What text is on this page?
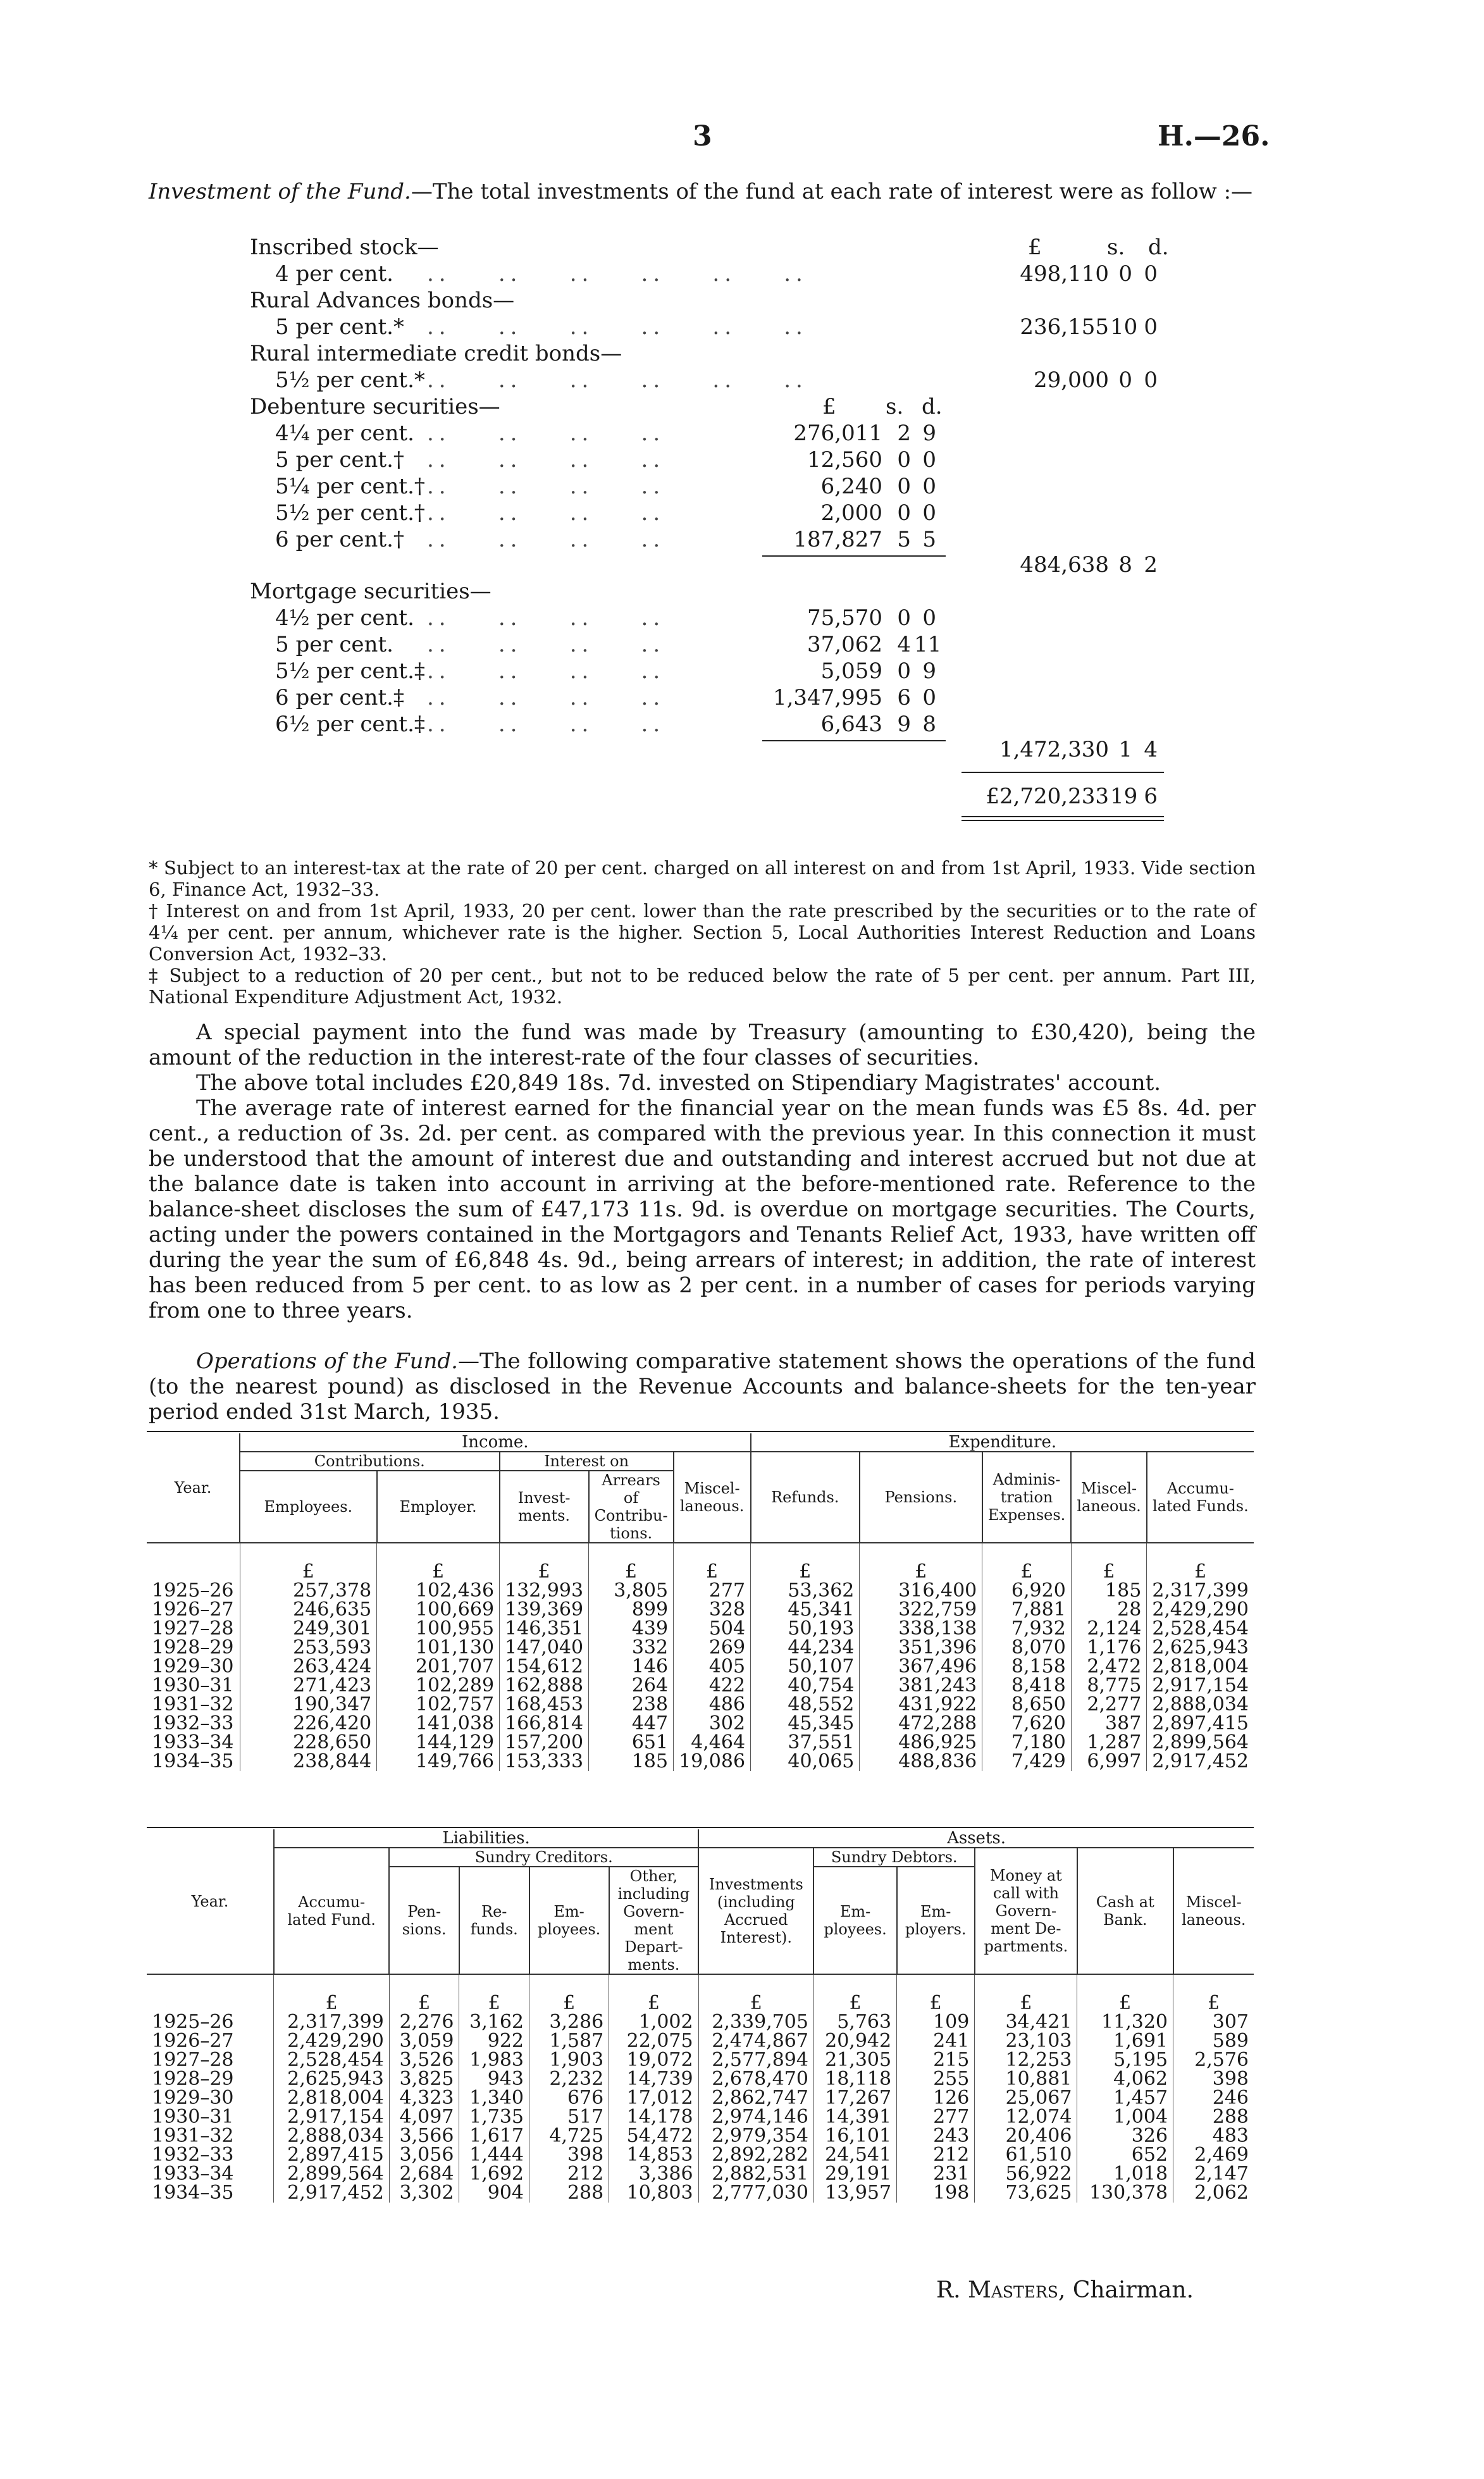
3	H.—26.
Investment of the Fund.—The total investments of the fund at each rate of interest were as follow :—
Inscribed stock—	£	s. d.
4 per cent. ..    ..    ..    ..    ..    ..	498,110 0 0
Rural Advances bonds—
5 per cent.* ..    ..    ..    ..    ..    ..	236,155 10 0
Rural intermediate credit bonds—
5½ per cent.* ..    ..    ..    ..    ..    ..	29,000 0 0
Debenture securities—	£ s. d.
4¼ per cent. ..    ..    ..    ..	276,011 2 9
5 per cent.† ..    ..    ..    ..	12,560 0 0
5¼ per cent.† ..    ..    ..    ..	6,240 0 0
5½ per cent.† ..    ..    ..    ..	2,000 0 0
6 per cent.† ..    ..    ..    ..	187,827 5 5
484,638 8 2
Mortgage securities—
4½ per cent. ..    ..    ..    ..	75,570 0 0
5 per cent. ..    ..    ..    ..	37,062 4 11
5½ per cent.‡ ..    ..    ..    ..	5,059 0 9
6 per cent.‡ ..    ..    ..    ..	1,347,995 6 0
6½ per cent.‡ ..    ..    ..    ..	6,643 9 8
1,472,330 1 4
£2,720,233 19 6
* Subject to an interest-tax at the rate of 20 per cent. charged on all interest on and from 1st April, 1933. Vide section 6, Finance Act, 1932–33.
† Interest on and from 1st April, 1933, 20 per cent. lower than the rate prescribed by the securities or to the rate of 4¼ per cent. per annum, whichever rate is the higher. Section 5, Local Authorities Interest Reduction and Loans Conversion Act, 1932–33.
‡ Subject to a reduction of 20 per cent., but not to be reduced below the rate of 5 per cent. per annum. Part III, National Expenditure Adjustment Act, 1932.
A special payment into the fund was made by Treasury (amounting to £30,420), being the amount of the reduction in the interest-rate of the four classes of securities.
The above total includes £20,849 18s. 7d. invested on Stipendiary Magistrates' account.
The average rate of interest earned for the financial year on the mean funds was £5 8s. 4d. per cent., a reduction of 3s. 2d. per cent. as compared with the previous year. In this connection it must be understood that the amount of interest due and outstanding and interest accrued but not due at the balance date is taken into account in arriving at the before-mentioned rate. Reference to the balance-sheet discloses the sum of £47,173 11s. 9d. is overdue on mortgage securities. The Courts, acting under the powers contained in the Mortgagors and Tenants Relief Act, 1933, have written off during the year the sum of £6,848 4s. 9d., being arrears of interest; in addition, the rate of interest has been reduced from 5 per cent. to as low as 2 per cent. in a number of cases for periods varying from one to three years.
Operations of the Fund.—The following comparative statement shows the operations of the fund (to the nearest pound) as disclosed in the Revenue Accounts and balance-sheets for the ten-year period ended 31st March, 1935.
Year.	Income.					Expenditure.				
	Contributions.		Interest on		Miscel-laneous.	Refunds.	Pensions.	Adminis-tration Expenses.	Miscel-laneous.	Accumu-lated Funds.
	Employees.	Employer.	Invest-ments.	Arrears of Contribu-tions.						
	£	£	£	£	£	£	£	£	£	£
1925–26	257,378	102,436	132,993	3,805	277	53,362	316,400	6,920	185	2,317,399
1926–27	246,635	100,669	139,369	899	328	45,341	322,759	7,881	28	2,429,290
1927–28	249,301	100,955	146,351	439	504	50,193	338,138	7,932	2,124	2,528,454
1928–29	253,593	101,130	147,040	332	269	44,234	351,396	8,070	1,176	2,625,943
1929–30	263,424	201,707	154,612	146	405	50,107	367,496	8,158	2,472	2,818,004
1930–31	271,423	102,289	162,888	264	422	40,754	381,243	8,418	8,775	2,917,154
1931–32	190,347	102,757	168,453	238	486	48,552	431,922	8,650	2,277	2,888,034
1932–33	226,420	141,038	166,814	447	302	45,345	472,288	7,620	387	2,897,415
1933–34	228,650	144,129	157,200	651	4,464	37,551	486,925	7,180	1,287	2,899,564
1934–35	238,844	149,766	153,333	185	19,086	40,065	488,836	7,429	6,997	2,917,452
Year.	Liabilities.					Assets.					
	Accumu-lated Fund.	Sundry Creditors.				Investments (including Accrued Interest).	Sundry Debtors.		Money at call with Govern-ment De-partments.	Cash at Bank.	Miscel-laneous.
		Pen-sions.	Re-funds.	Em-ployees.	Other, including Govern-ment Depart-ments.		Em-ployees.	Em-ployers.			
	£	£	£	£	£	£	£	£	£	£	£
1925–26	2,317,399	2,276	3,162	3,286	1,002	2,339,705	5,763	109	34,421	11,320	307
1926–27	2,429,290	3,059	922	1,587	22,075	2,474,867	20,942	241	23,103	1,691	589
1927–28	2,528,454	3,526	1,983	1,903	19,072	2,577,894	21,305	215	12,253	5,195	2,576
1928–29	2,625,943	3,825	943	2,232	14,739	2,678,470	18,118	255	10,881	4,062	398
1929–30	2,818,004	4,323	1,340	676	17,012	2,862,747	17,267	126	25,067	1,457	246
1930–31	2,917,154	4,097	1,735	517	14,178	2,974,146	14,391	277	12,074	1,004	288
1931–32	2,888,034	3,566	1,617	4,725	54,472	2,979,354	16,101	243	20,406	326	483
1932–33	2,897,415	3,056	1,444	398	14,853	2,892,282	24,541	212	61,510	652	2,469
1933–34	2,899,564	2,684	1,692	212	3,386	2,882,531	29,191	231	56,922	1,018	2,147
1934–35	2,917,452	3,302	904	288	10,803	2,777,030	13,957	198	73,625	130,378	2,062
R. Masters, Chairman.
